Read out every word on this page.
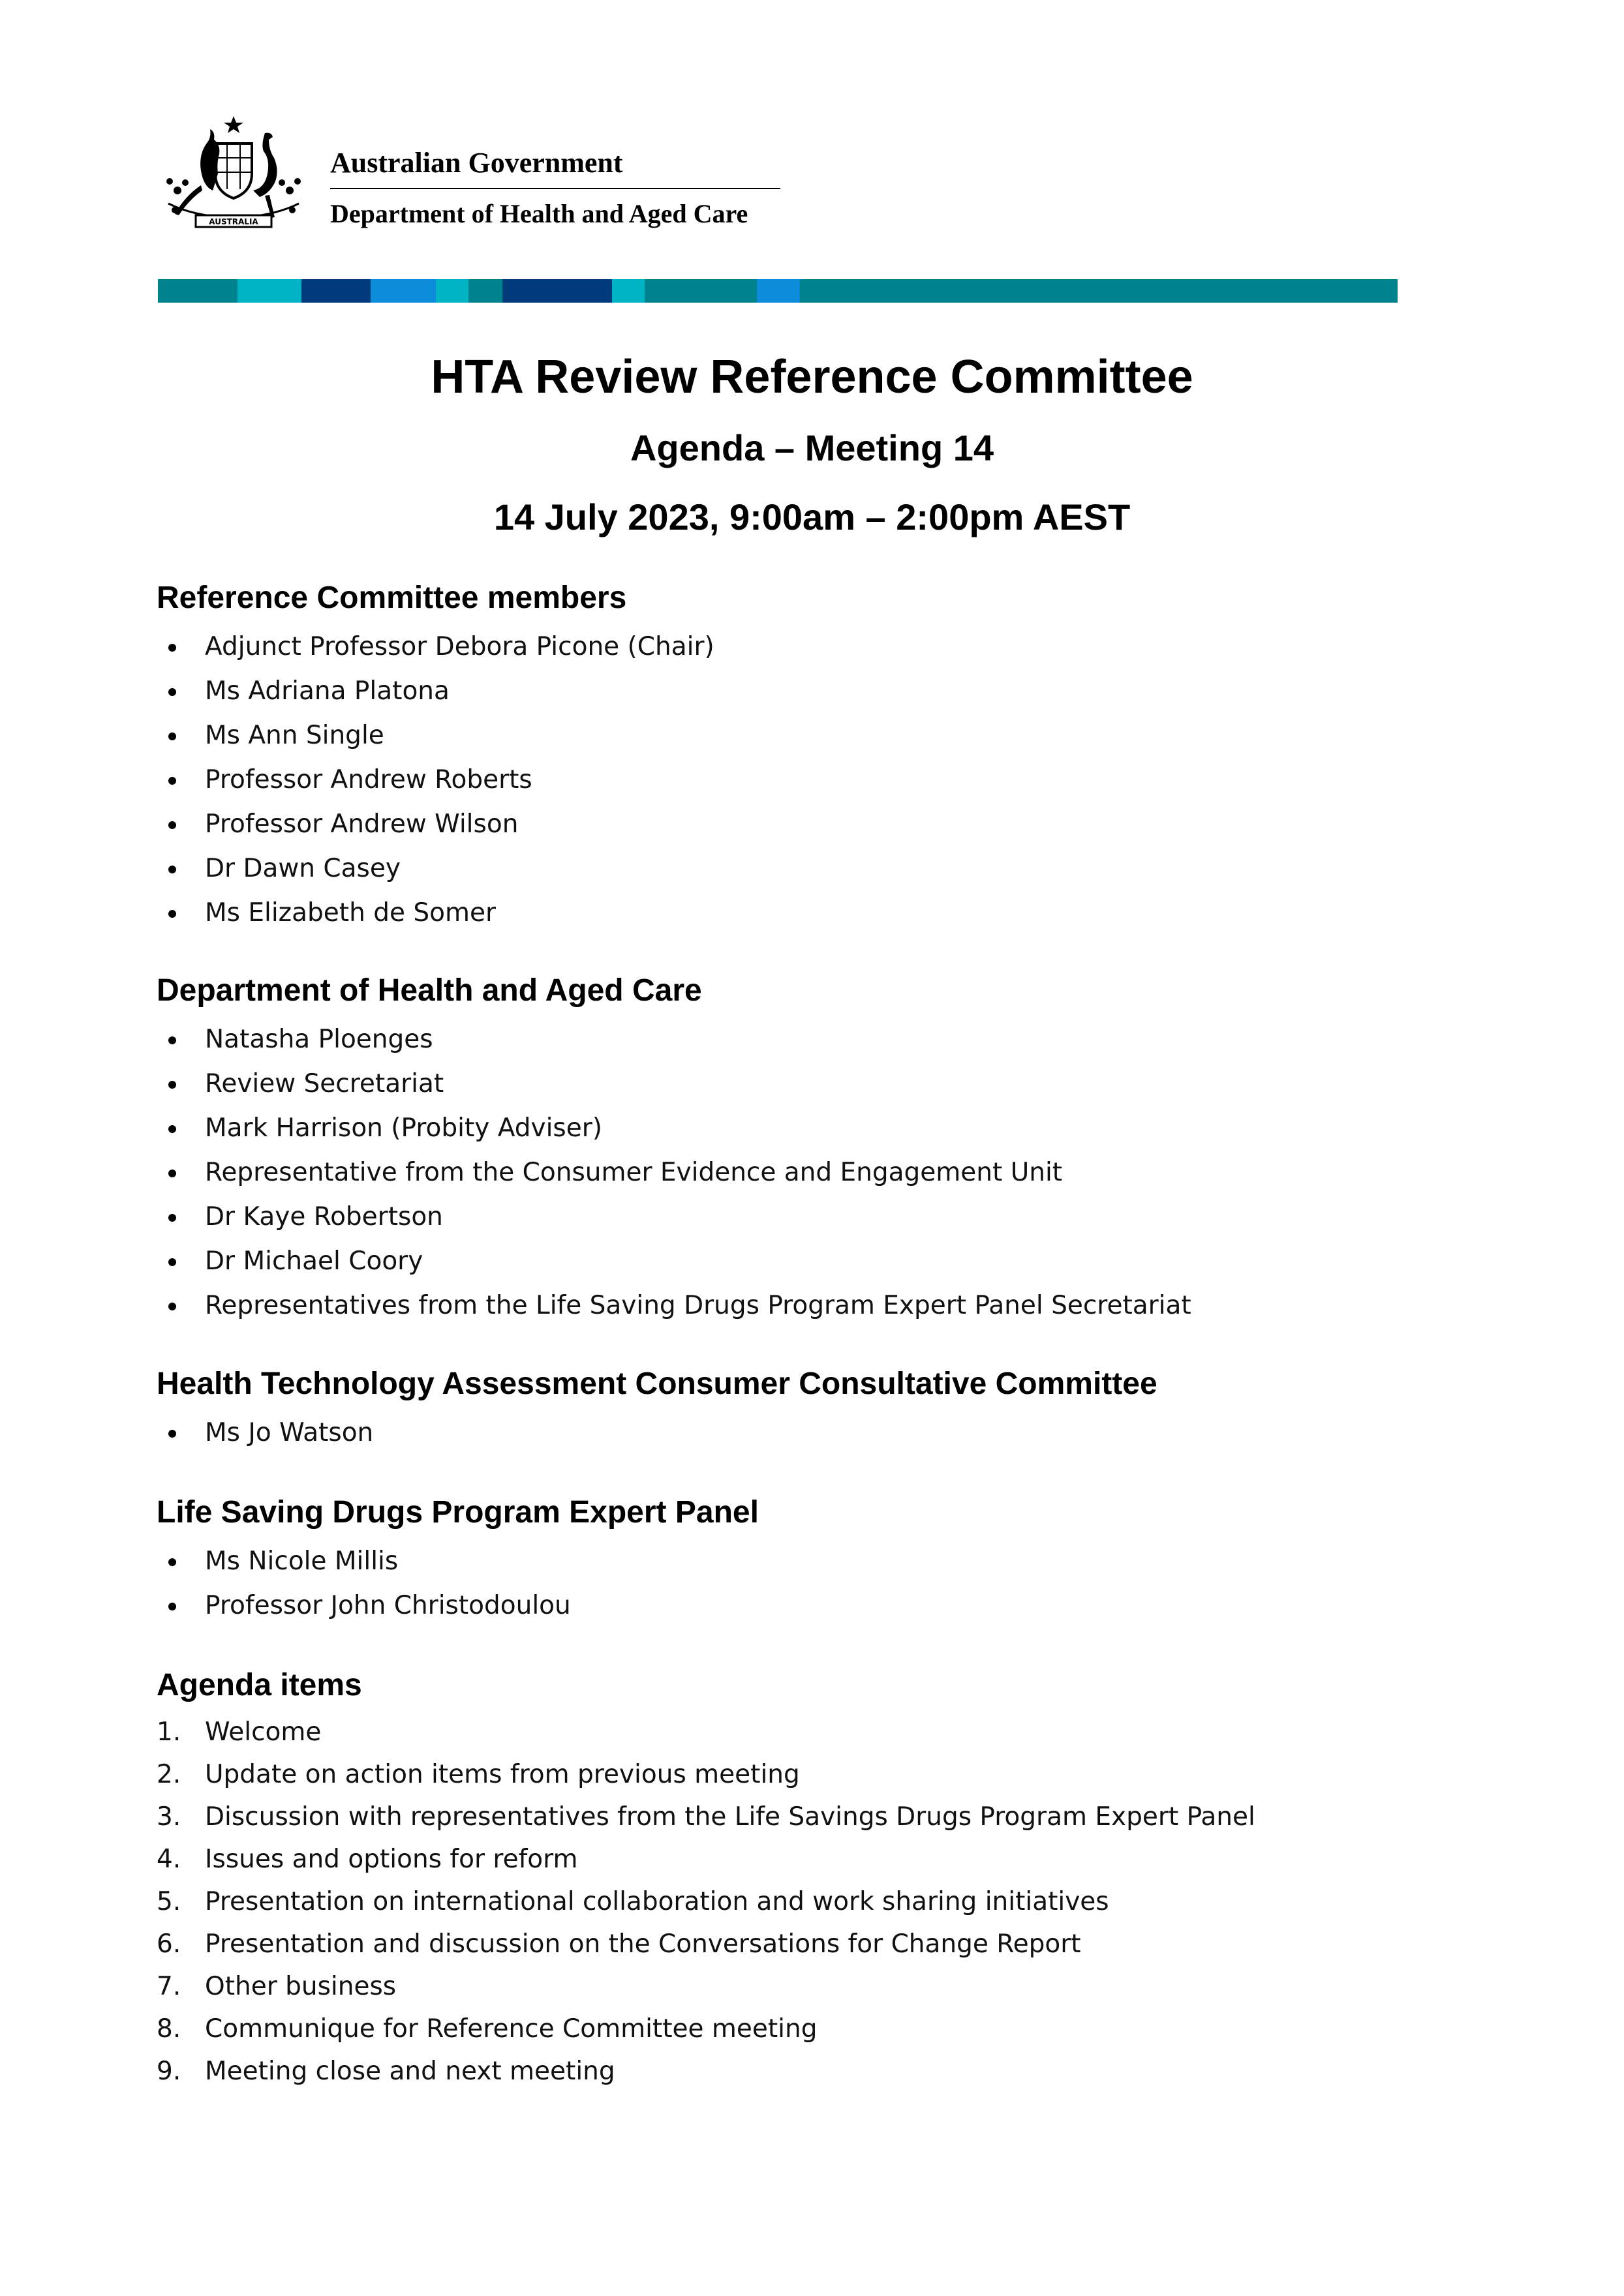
AUSTRALIA
Australian Government
Department of Health and Aged Care
HTA Review Reference Committee
Agenda – Meeting 14
14 July 2023, 9:00am – 2:00pm AEST
Reference Committee members
Adjunct Professor Debora Picone (Chair)
Ms Adriana Platona
Ms Ann Single
Professor Andrew Roberts
Professor Andrew Wilson
Dr Dawn Casey
Ms Elizabeth de Somer
Department of Health and Aged Care
Natasha Ploenges
Review Secretariat
Mark Harrison (Probity Adviser)
Representative from the Consumer Evidence and Engagement Unit
Dr Kaye Robertson
Dr Michael Coory
Representatives from the Life Saving Drugs Program Expert Panel Secretariat
Health Technology Assessment Consumer Consultative Committee
Ms Jo Watson
Life Saving Drugs Program Expert Panel
Ms Nicole Millis
Professor John Christodoulou
Agenda items
1. Welcome
2. Update on action items from previous meeting
3. Discussion with representatives from the Life Savings Drugs Program Expert Panel
4. Issues and options for reform
5. Presentation on international collaboration and work sharing initiatives
6. Presentation and discussion on the Conversations for Change Report
7. Other business
8. Communique for Reference Committee meeting
9. Meeting close and next meeting
